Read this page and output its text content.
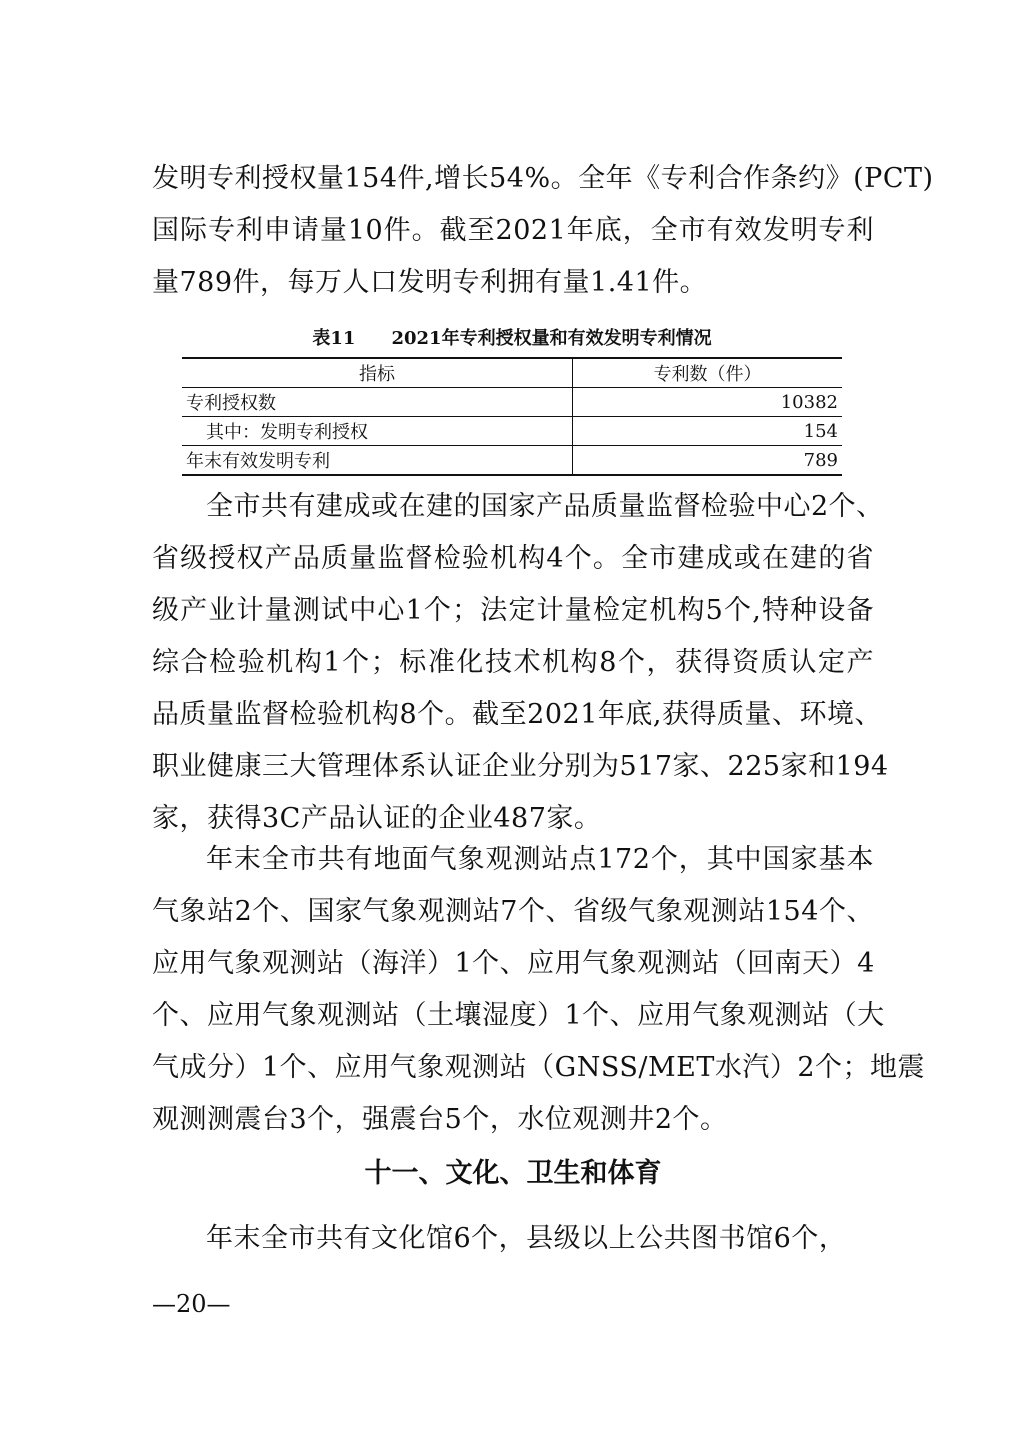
发明专利授权量154件,增长54%。全年《专利合作条约》(PCT)
国际专利申请量10件。截至2021年底，全市有效发明专利
量789件，每万人口发明专利拥有量1.41件。
表11 2021年专利授权量和有效发明专利情况
指标	专利数（件）
专利授权数	10382
其中：发明专利授权	154
年末有效发明专利	789
全市共有建成或在建的国家产品质量监督检验中心2个、
省级授权产品质量监督检验机构4个。全市建成或在建的省
级产业计量测试中心1个；法定计量检定机构5个,特种设备
综合检验机构1个；标准化技术机构8个，获得资质认定产
品质量监督检验机构8个。截至2021年底,获得质量、环境、
职业健康三大管理体系认证企业分别为517家、225家和194
家，获得3C产品认证的企业487家。
年末全市共有地面气象观测站点172个，其中国家基本
气象站2个、国家气象观测站7个、省级气象观测站154个、
应用气象观测站（海洋）1个、应用气象观测站（回南天）4
个、应用气象观测站（土壤湿度）1个、应用气象观测站（大
气成分）1个、应用气象观测站（GNSS/MET水汽）2个；地震
观测测震台3个，强震台5个，水位观测井2个。
十一、文化、卫生和体育
年末全市共有文化馆6个，县级以上公共图书馆6个，
—20—
